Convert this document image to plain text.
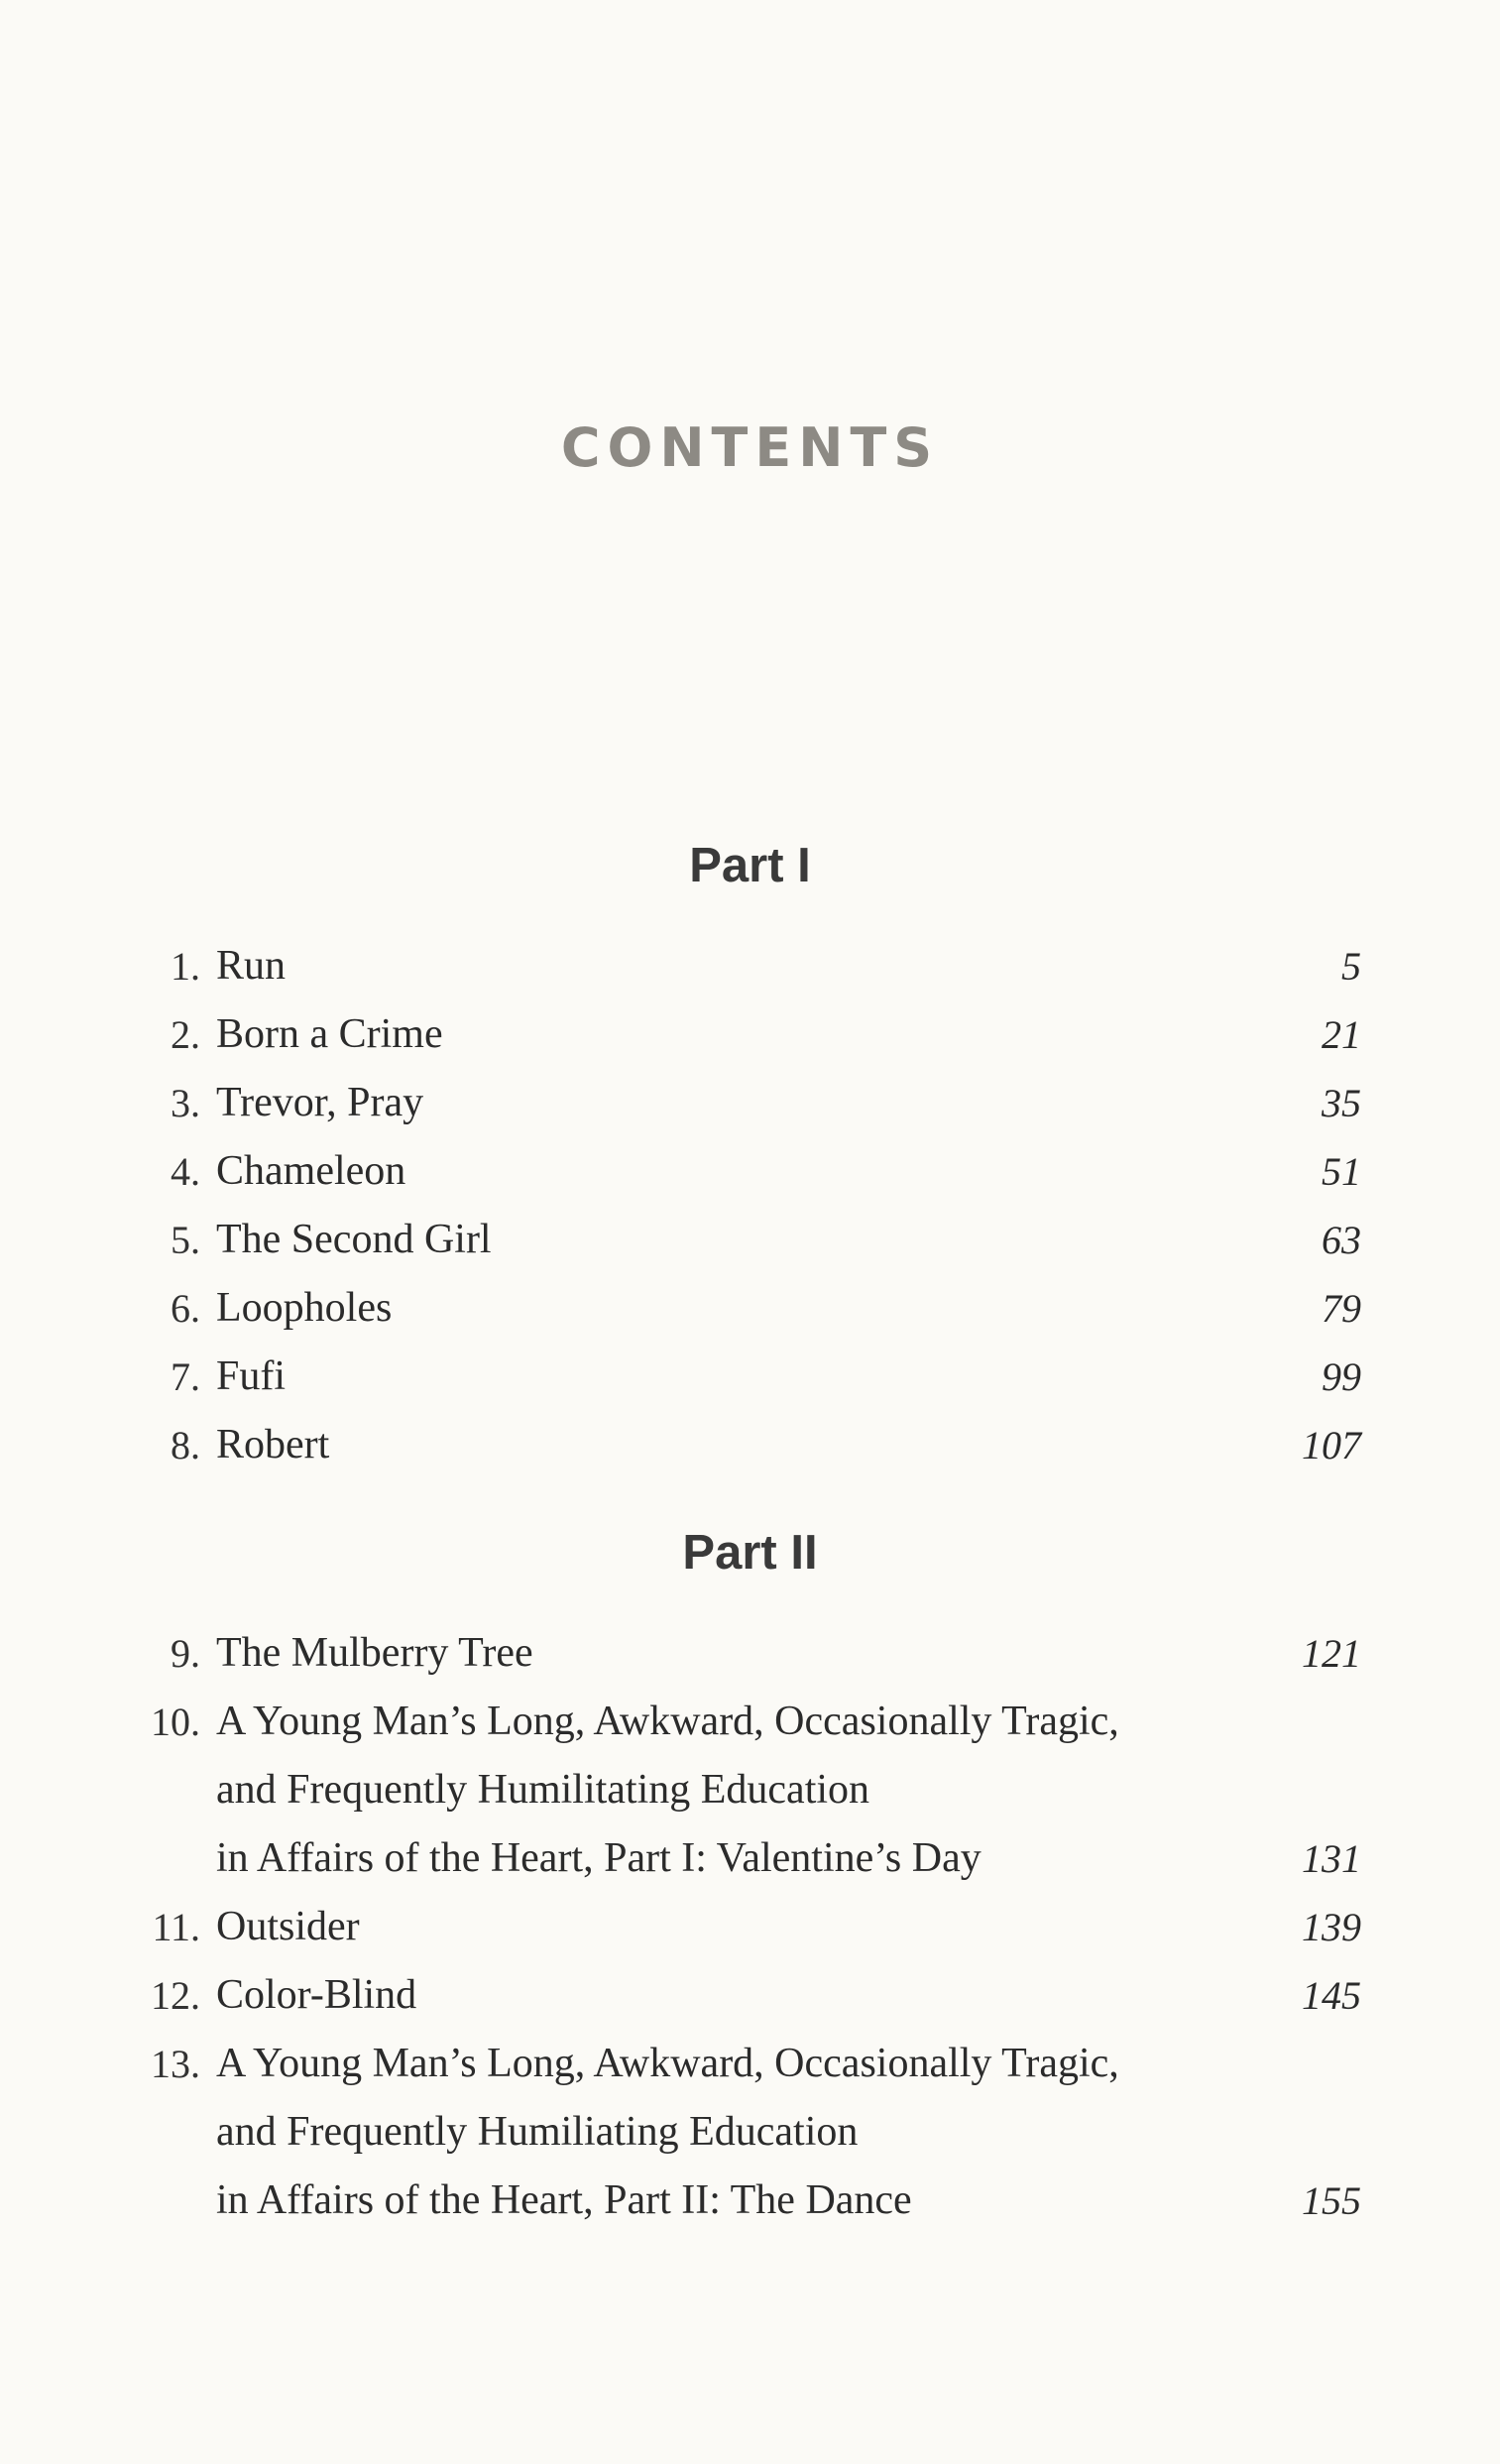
CONTENTS
Part I
1. Run	5
2. Born a Crime	21
3. Trevor, Pray	35
4. Chameleon	51
5. The Second Girl	63
6. Loopholes	79
7. Fufi	99
8. Robert	107
Part II
9. The Mulberry Tree	121
10. A Young Man’s Long, Awkward, Occasionally Tragic,
and Frequently Humilitating Education
in Affairs of the Heart, Part I: Valentine’s Day	131
11. Outsider	139
12. Color-Blind	145
13. A Young Man’s Long, Awkward, Occasionally Tragic,
and Frequently Humiliating Education
in Affairs of the Heart, Part II: The Dance	155
